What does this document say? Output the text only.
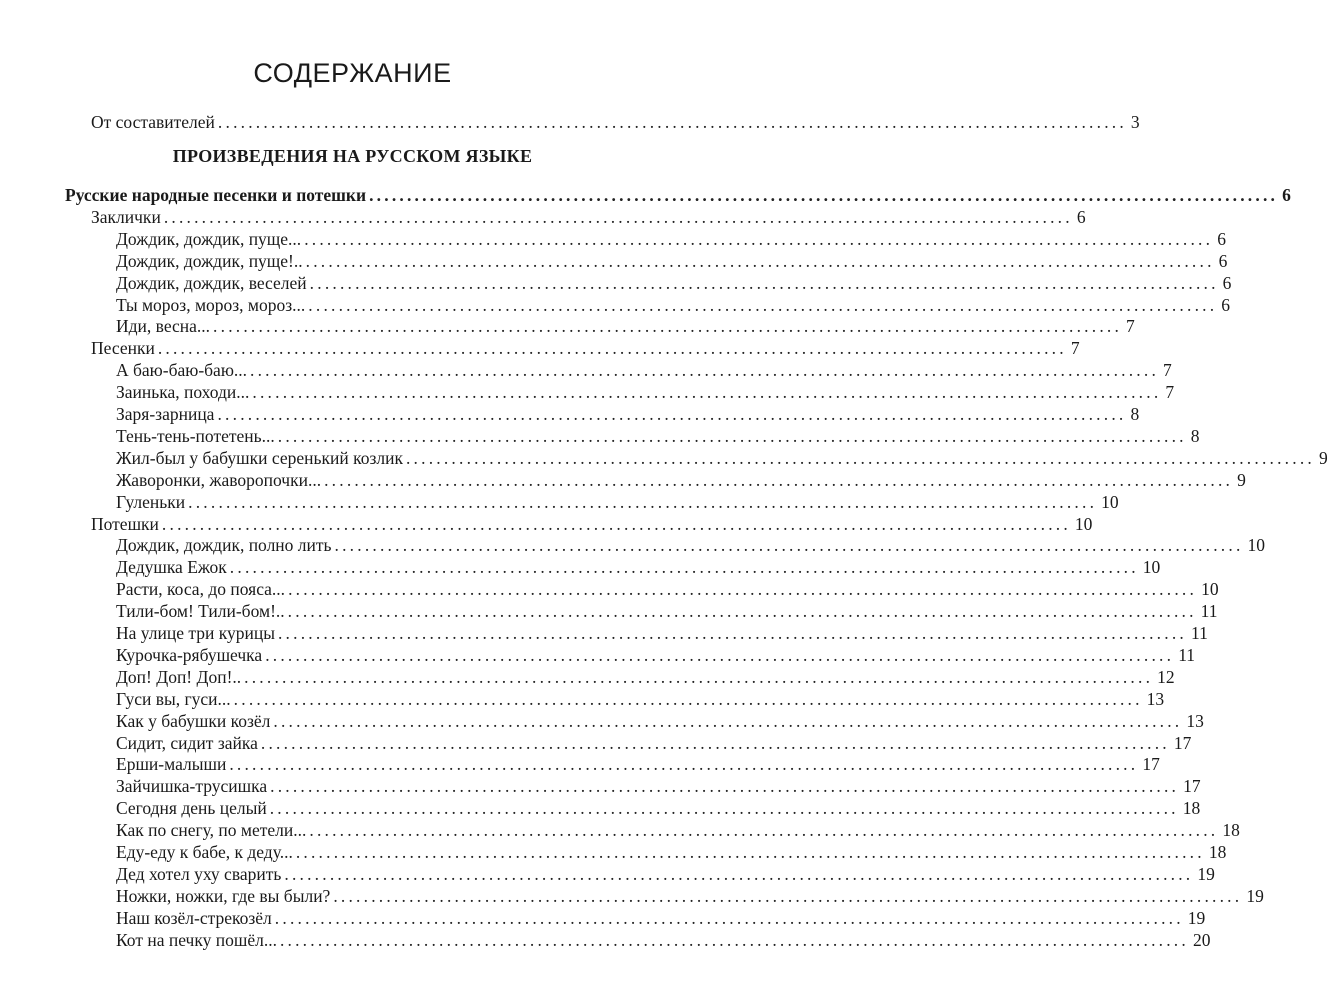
СОДЕРЖАНИЕ
От составителей ........................................................................................................................ 3
ПРОИЗВЕДЕНИЯ НА РУССКОМ ЯЗЫКЕ
Русские народные песенки и потешки ........................................................................................................................ 6
Заклички ........................................................................................................................ 6
Дождик, дождик, пуще... ........................................................................................................................ 6
Дождик, дождик, пуще!.. ........................................................................................................................ 6
Дождик, дождик, веселей ........................................................................................................................ 6
Ты мороз, мороз, мороз... ........................................................................................................................ 6
Иди, весна... ........................................................................................................................ 7
Песенки ........................................................................................................................ 7
А баю-баю-баю... ........................................................................................................................ 7
Заинька, походи... ........................................................................................................................ 7
Заря-зарница ........................................................................................................................ 8
Тень-тень-потетень... ........................................................................................................................ 8
Жил-был у бабушки серенький козлик ........................................................................................................................ 9
Жаворонки, жаворопочки... ........................................................................................................................ 9
Гуленьки ........................................................................................................................ 10
Потешки ........................................................................................................................ 10
Дождик, дождик, полно лить ........................................................................................................................ 10
Дедушка Ежок ........................................................................................................................ 10
Расти, коса, до пояса... ........................................................................................................................ 10
Тили-бом! Тили-бом!.. ........................................................................................................................ 11
На улице три курицы ........................................................................................................................ 11
Курочка-рябушечка ........................................................................................................................ 11
Доп! Доп! Доп!.. ........................................................................................................................ 12
Гуси вы, гуси... ........................................................................................................................ 13
Как у бабушки козёл ........................................................................................................................ 13
Сидит, сидит зайка ........................................................................................................................ 17
Ерши-малыши ........................................................................................................................ 17
Зайчишка-трусишка ........................................................................................................................ 17
Сегодня день целый ........................................................................................................................ 18
Как по снегу, по метели... ........................................................................................................................ 18
Еду-еду к бабе, к деду... ........................................................................................................................ 18
Дед хотел уху сварить ........................................................................................................................ 19
Ножки, ножки, где вы были? ........................................................................................................................ 19
Наш козёл-стрекозёл ........................................................................................................................ 19
Кот на печку пошёл... ........................................................................................................................ 20
